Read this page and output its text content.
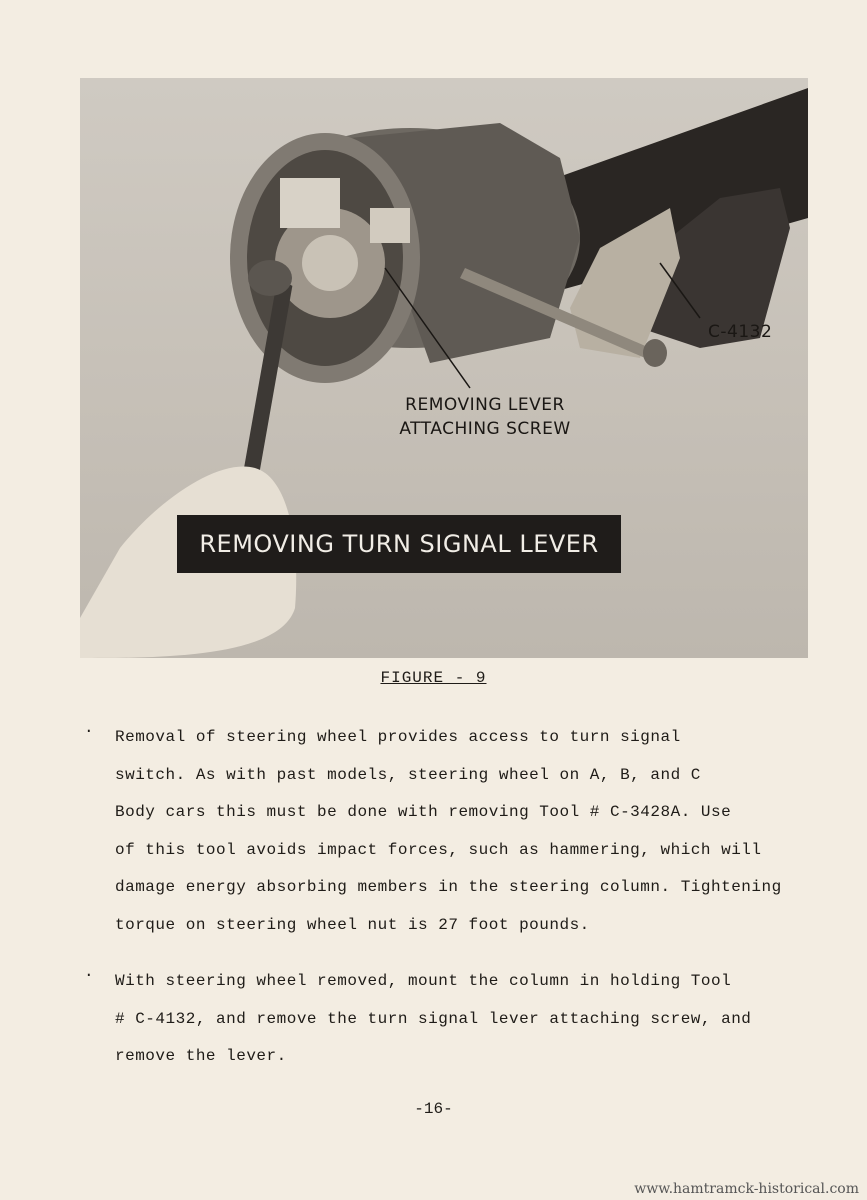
REMOVING LEVER
ATTACHING SCREW
C-4132
REMOVING TURN SIGNAL LEVER
FIGURE - 9
.	Removal of steering wheel provides access to turn signal
switch. As with past models, steering wheel on A, B, and C
Body cars this must be done with removing Tool # C-3428A. Use
of this tool avoids impact forces, such as hammering, which will
damage energy absorbing members in the steering column. Tightening
torque on steering wheel nut is 27 foot pounds.
.	With steering wheel removed, mount the column in holding Tool
# C-4132, and remove the turn signal lever attaching screw, and
remove the lever.
-16-
www.hamtramck-historical.com
